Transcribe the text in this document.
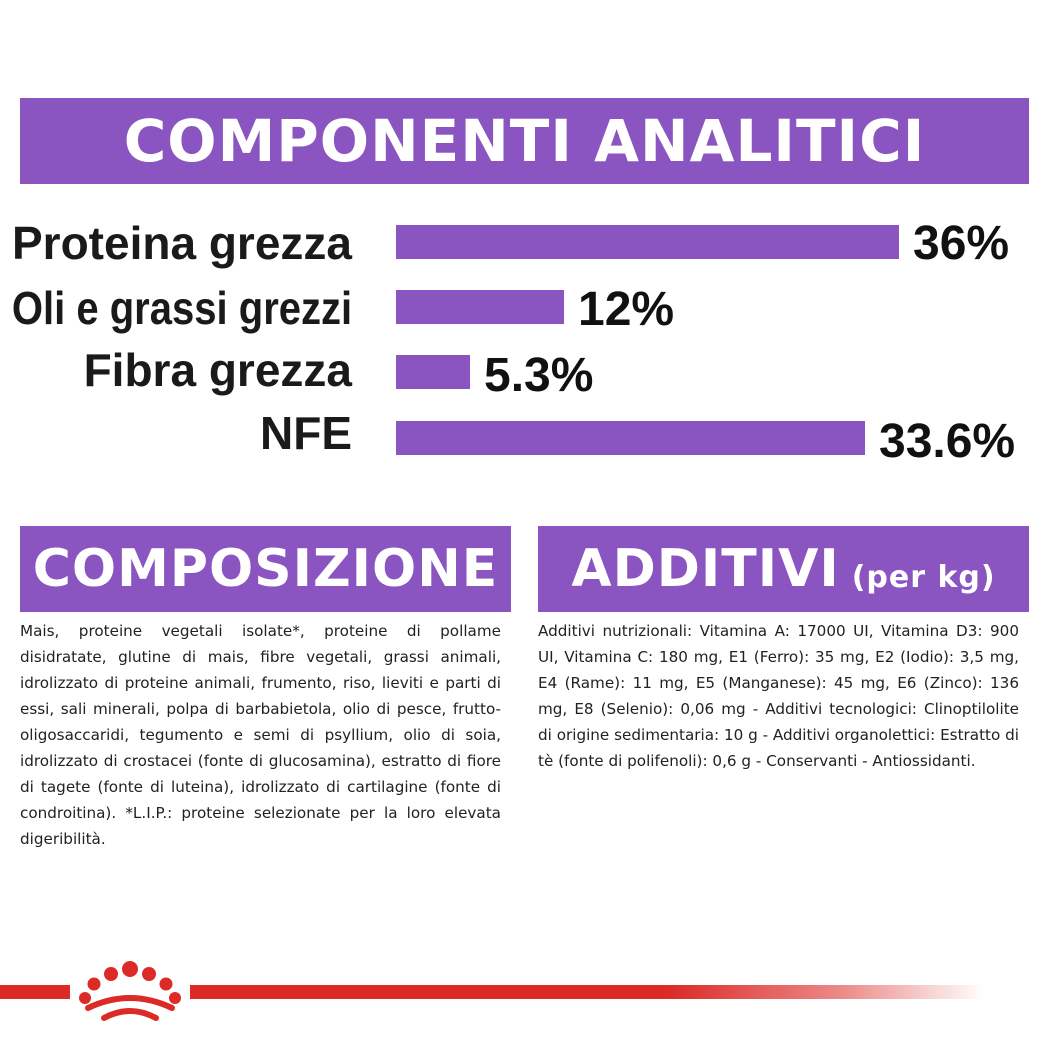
COMPONENTI ANALITICI
Proteina grezza	36%
Oli e grassi grezzi	12%
Fibra grezza	5.3%
NFE	33.6%
COMPOSIZIONE

Mais, proteine vegetali isolate*, proteine di pollame disidratate, glutine di mais, fibre vegetali, grassi animali, idrolizzato di proteine animali, frumento, riso, lieviti e parti di essi, sali minerali, polpa di barbabietola, olio di pesce, frutto-oligosaccaridi, tegumento e semi di psyllium, olio di soia, idrolizzato di crostacei (fonte di glucosamina), estratto di fiore di tagete (fonte di luteina), idrolizzato di cartilagine (fonte di condroitina). *L.I.P.: proteine selezionate per la loro elevata digeribilità.

ADDITIVI (per kg)

Additivi nutrizionali: Vitamina A: 17000 UI, Vitamina D3: 900 UI, Vitamina C: 180 mg, E1 (Ferro): 35 mg, E2 (Iodio): 3,5 mg, E4 (Rame): 11 mg, E5 (Manganese): 45 mg, E6 (Zinco): 136 mg, E8 (Selenio): 0,06 mg - Additivi tecnologici: Clinoptilolite di origine sedimentaria: 10 g - Additivi organolettici: Estratto di tè (fonte di polifenoli): 0,6 g - Conservanti - Antiossidanti.
